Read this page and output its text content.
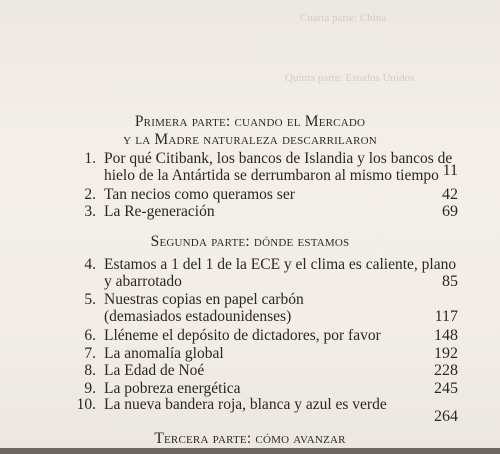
Cuarta parte: China
Quinta parte: Estados Unidos
Primera parte: cuando el Mercado
y la Madre naturaleza descarrilaron
1. Por qué Citibank, los bancos de Islandia y los bancos de
hielo de la Antártida se derrumbaron al mismo tiempo 11
2. Tan necios como queramos ser	42
3. La Re-generación	69
Segunda parte: dónde estamos
4. Estamos a 1 del 1 de la ECE y el clima es caliente, plano
y abarrotado	85
5. Nuestras copias en papel carbón
(demasiados estadounidenses)	117
6. Lléneme el depósito de dictadores, por favor	148
7. La anomalía global	192
8. La Edad de Noé	228
9. La pobreza energética	245
10. La nueva bandera roja, blanca y azul es verde
264
Tercera parte: cómo avanzar
